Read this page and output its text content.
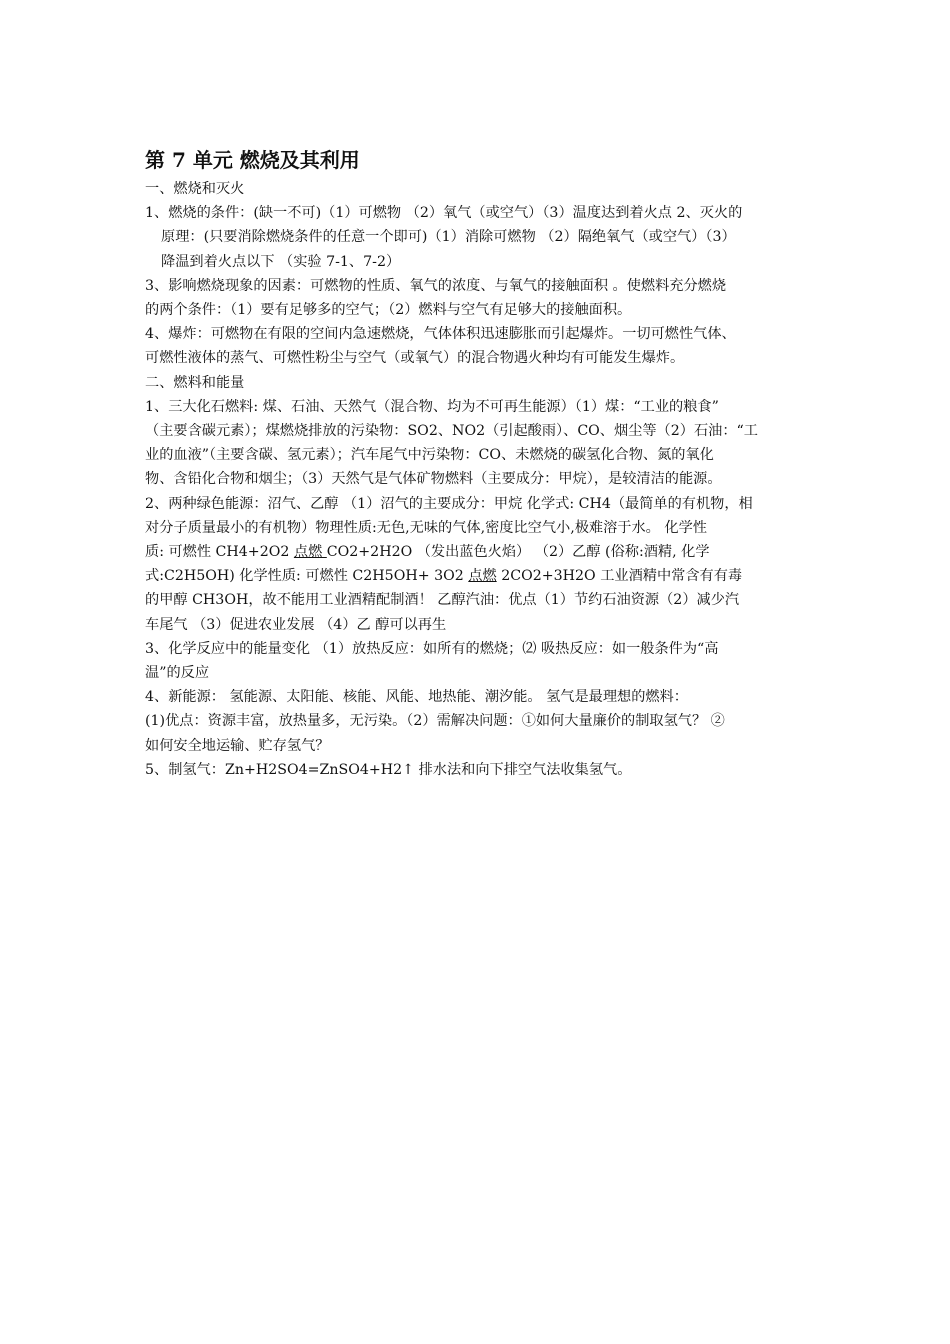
第 7 单元 燃烧及其利用
一、燃烧和灭火
1、燃烧的条件：(缺一不可)（1）可燃物 （2）氧气（或空气）（3）温度达到着火点 2、灭火的
原理：(只要消除燃烧条件的任意一个即可)（1）消除可燃物 （2）隔绝氧气（或空气）（3）
降温到着火点以下 （实验 7-1、7-2）
3、影响燃烧现象的因素：可燃物的性质、氧气的浓度、与氧气的接触面积 。使燃料充分燃烧
的两个条件：（1）要有足够多的空气；（2）燃料与空气有足够大的接触面积。
4、爆炸：可燃物在有限的空间内急速燃烧，气体体积迅速膨胀而引起爆炸。一切可燃性气体、
可燃性液体的蒸气、可燃性粉尘与空气（或氧气）的混合物遇火种均有可能发生爆炸。
二、燃料和能量
1、三大化石燃料: 煤、石油、天然气（混合物、均为不可再生能源）（1）煤：“工业的粮食”
（主要含碳元素）；煤燃烧排放的污染物：SO2、NO2（引起酸雨）、CO、烟尘等（2）石油：“工
业的血液”（主要含碳、氢元素）；汽车尾气中污染物：CO、未燃烧的碳氢化合物、氮的氧化
物、含铅化合物和烟尘；（3）天然气是气体矿物燃料（主要成分：甲烷），是较清洁的能源。
2、两种绿色能源：沼气、乙醇 （1）沼气的主要成分：甲烷 化学式: CH4（最简单的有机物，相
对分子质量最小的有机物）物理性质:无色,无味的气体,密度比空气小,极难溶于水。 化学性
质: 可燃性 CH4+2O2 点燃 CO2+2H2O （发出蓝色火焰） （2）乙醇 (俗称:酒精, 化学
式:C2H5OH) 化学性质: 可燃性 C2H5OH+ 3O2 点燃 2CO2+3H2O 工业酒精中常含有有毒
的甲醇 CH3OH，故不能用工业酒精配制酒！ 乙醇汽油：优点（1）节约石油资源（2）减少汽
车尾气 （3）促进农业发展 （4）乙 醇可以再生
3、化学反应中的能量变化 （1）放热反应：如所有的燃烧；⑵ 吸热反应：如一般条件为“高
温”的反应
4、新能源： 氢能源、太阳能、核能、风能、地热能、潮汐能。 氢气是最理想的燃料：
(1)优点：资源丰富，放热量多，无污染。（2）需解决问题：①如何大量廉价的制取氢气？ ②
如何安全地运输、贮存氢气？
5、制氢气：Zn+H2SO4=ZnSO4+H2↑ 排水法和向下排空气法收集氢气。
